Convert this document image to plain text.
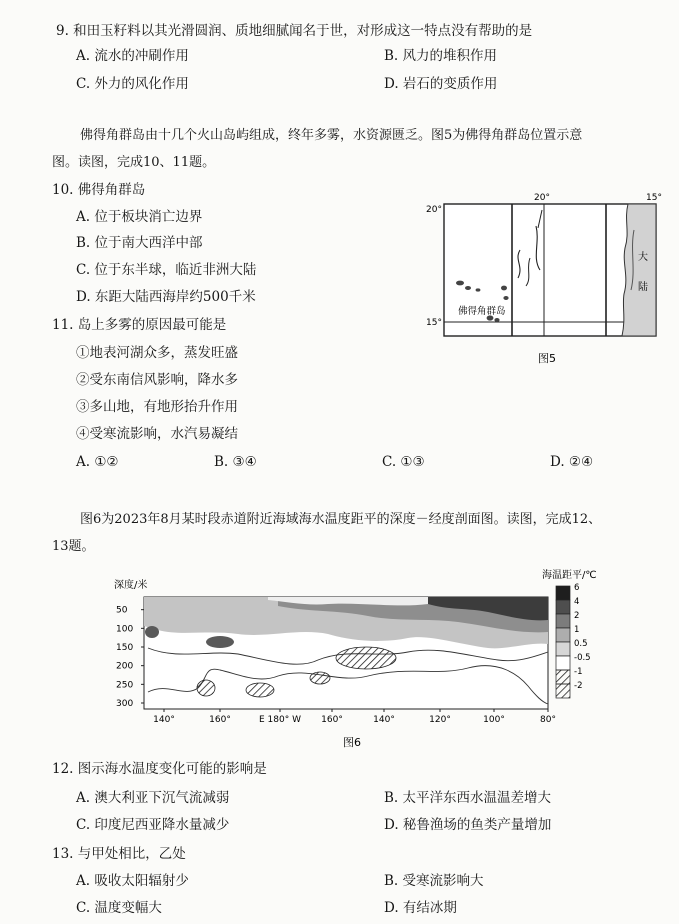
9. 和田玉籽料以其光滑圆润、质地细腻闻名于世，对形成这一特点没有帮助的是
A. 流水的冲刷作用	B. 风力的堆积作用
C. 外力的风化作用	D. 岩石的变质作用
佛得角群岛由十几个火山岛屿组成，终年多雾，水资源匮乏。图5为佛得角群岛位置示意
图。读图，完成10、11题。
10. 佛得角群岛
A. 位于板块消亡边界
B. 位于南大西洋中部
C. 位于东半球，临近非洲大陆
D. 东距大陆西海岸约500千米
11. 岛上多雾的原因最可能是
①地表河湖众多，蒸发旺盛
②受东南信风影响，降水多
③多山地，有地形抬升作用
④受寒流影响，水汽易凝结
A. ①②	B. ③④	C. ①③	D. ②④
20°	15°
20°
15°
佛得角群岛
大
陆
图5
图6为2023年8月某时段赤道附近海域海水温度距平的深度－经度剖面图。读图，完成12、
13题。
深度/米
50
100
150
200
250
300
140°	160°	E 180° W 160°	140°	120°	100°	80°
海温距平/℃
6
4
2
1
0.5
-0.5
-1
-2
图6
12. 图示海水温度变化可能的影响是
A. 澳大利亚下沉气流减弱	B. 太平洋东西水温温差增大
C. 印度尼西亚降水量减少	D. 秘鲁渔场的鱼类产量增加
13. 与甲处相比，乙处
A. 吸收太阳辐射少	B. 受寒流影响大
C. 温度变幅大	D. 有结冰期
